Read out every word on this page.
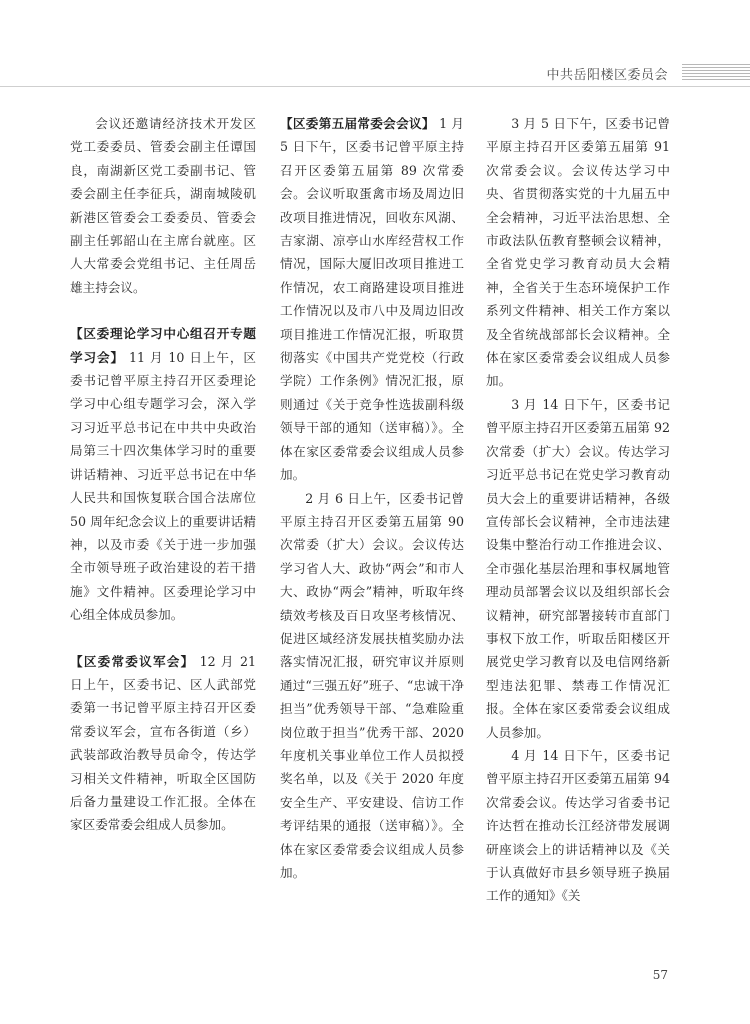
中共岳阳楼区委员会

会议还邀请经济技术开发区党工委委员、管委会副主任谭国良，南湖新区党工委副书记、管委会副主任李征兵，湖南城陵矶新港区管委会工委委员、管委会副主任郭韶山在主席台就座。区人大常委会党组书记、主任周岳雄主持会议。

【区委理论学习中心组召开专题学习会】 11 月 10 日上午，区委书记曾平原主持召开区委理论学习中心组专题学习会，深入学习习近平总书记在中共中央政治局第三十四次集体学习时的重要讲话精神、习近平总书记在中华人民共和国恢复联合国合法席位 50 周年纪念会议上的重要讲话精神，以及市委《关于进一步加强全市领导班子政治建设的若干措施》文件精神。区委理论学习中心组全体成员参加。

【区委常委议军会】 12 月 21 日上午，区委书记、区人武部党委第一书记曾平原主持召开区委常委议军会，宣布各街道（乡）武装部政治教导员命令，传达学习相关文件精神，听取全区国防后备力量建设工作汇报。全体在家区委常委会组成人员参加。

【区委第五届常委会会议】 1 月 5 日下午，区委书记曾平原主持召开区委第五届第 89 次常委会。会议听取蛋禽市场及周边旧改项目推进情况，回收东风湖、吉家湖、凉亭山水库经营权工作情况，国际大厦旧改项目推进工作情况，农工商路建设项目推进工作情况以及市八中及周边旧改项目推进工作情况汇报，听取贯彻落实《中国共产党党校（行政学院）工作条例》情况汇报，原则通过《关于竞争性选拔副科级领导干部的通知（送审稿）》。全体在家区委常委会议组成人员参加。

2 月 6 日上午，区委书记曾平原主持召开区委第五届第 90 次常委（扩大）会议。会议传达学习省人大、政协“两会”和市人大、政协“两会”精神，听取年终绩效考核及百日攻坚考核情况、促进区域经济发展扶植奖励办法落实情况汇报，研究审议并原则通过“三强五好”班子、“忠诚干净担当”优秀领导干部、“急难险重岗位敢于担当”优秀干部、2020 年度机关事业单位工作人员拟授奖名单，以及《关于 2020 年度安全生产、平安建设、信访工作考评结果的通报（送审稿）》。全体在家区委常委会议组成人员参加。

3 月 5 日下午，区委书记曾平原主持召开区委第五届第 91 次常委会议。会议传达学习中央、省贯彻落实党的十九届五中全会精神，习近平法治思想、全市政法队伍教育整顿会议精神，全省党史学习教育动员大会精神，全省关于生态环境保护工作系列文件精神、相关工作方案以及全省统战部部长会议精神。全体在家区委常委会议组成人员参加。

3 月 14 日下午，区委书记曾平原主持召开区委第五届第 92 次常委（扩大）会议。传达学习习近平总书记在党史学习教育动员大会上的重要讲话精神，各级宣传部长会议精神，全市违法建设集中整治行动工作推进会议、全市强化基层治理和事权属地管理动员部署会议以及组织部长会议精神，研究部署接转市直部门事权下放工作，听取岳阳楼区开展党史学习教育以及电信网络新型违法犯罪、禁毒工作情况汇报。全体在家区委常委会议组成人员参加。

4 月 14 日下午，区委书记曾平原主持召开区委第五届第 94 次常委会议。传达学习省委书记许达哲在推动长江经济带发展调研座谈会上的讲话精神以及《关于认真做好市县乡领导班子换届工作的通知》《关

57
